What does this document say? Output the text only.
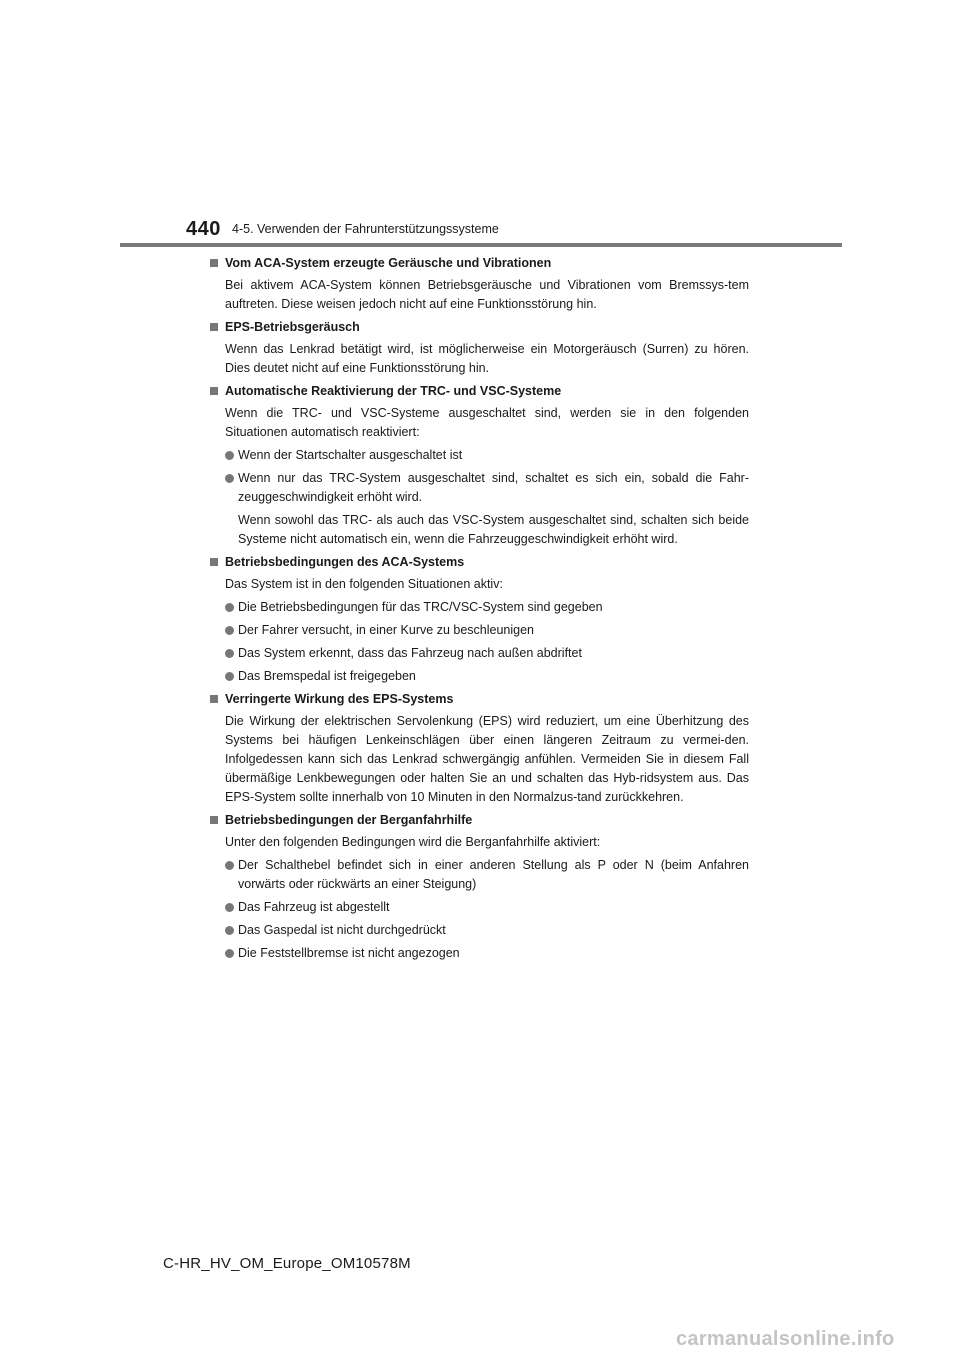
440 4-5. Verwenden der Fahrunterstützungssysteme
Vom ACA-System erzeugte Geräusche und Vibrationen
Bei aktivem ACA-System können Betriebsgeräusche und Vibrationen vom Bremssys-tem auftreten. Diese weisen jedoch nicht auf eine Funktionsstörung hin.
EPS-Betriebsgeräusch
Wenn das Lenkrad betätigt wird, ist möglicherweise ein Motorgeräusch (Surren) zu hören. Dies deutet nicht auf eine Funktionsstörung hin.
Automatische Reaktivierung der TRC- und VSC-Systeme
Wenn die TRC- und VSC-Systeme ausgeschaltet sind, werden sie in den folgenden Situationen automatisch reaktiviert:
Wenn der Startschalter ausgeschaltet ist
Wenn nur das TRC-System ausgeschaltet sind, schaltet es sich ein, sobald die Fahr-zeuggeschwindigkeit erhöht wird.
Wenn sowohl das TRC- als auch das VSC-System ausgeschaltet sind, schalten sich beide Systeme nicht automatisch ein, wenn die Fahrzeuggeschwindigkeit erhöht wird.
Betriebsbedingungen des ACA-Systems
Das System ist in den folgenden Situationen aktiv:
Die Betriebsbedingungen für das TRC/VSC-System sind gegeben
Der Fahrer versucht, in einer Kurve zu beschleunigen
Das System erkennt, dass das Fahrzeug nach außen abdriftet
Das Bremspedal ist freigegeben
Verringerte Wirkung des EPS-Systems
Die Wirkung der elektrischen Servolenkung (EPS) wird reduziert, um eine Überhitzung des Systems bei häufigen Lenkeinschlägen über einen längeren Zeitraum zu vermei-den. Infolgedessen kann sich das Lenkrad schwergängig anfühlen. Vermeiden Sie in diesem Fall übermäßige Lenkbewegungen oder halten Sie an und schalten das Hyb-ridsystem aus. Das EPS-System sollte innerhalb von 10 Minuten in den Normalzus-tand zurückkehren.
Betriebsbedingungen der Berganfahrhilfe
Unter den folgenden Bedingungen wird die Berganfahrhilfe aktiviert:
Der Schalthebel befindet sich in einer anderen Stellung als P oder N (beim Anfahren vorwärts oder rückwärts an einer Steigung)
Das Fahrzeug ist abgestellt
Das Gaspedal ist nicht durchgedrückt
Die Feststellbremse ist nicht angezogen
C-HR_HV_OM_Europe_OM10578M
carmanualsonline.info
